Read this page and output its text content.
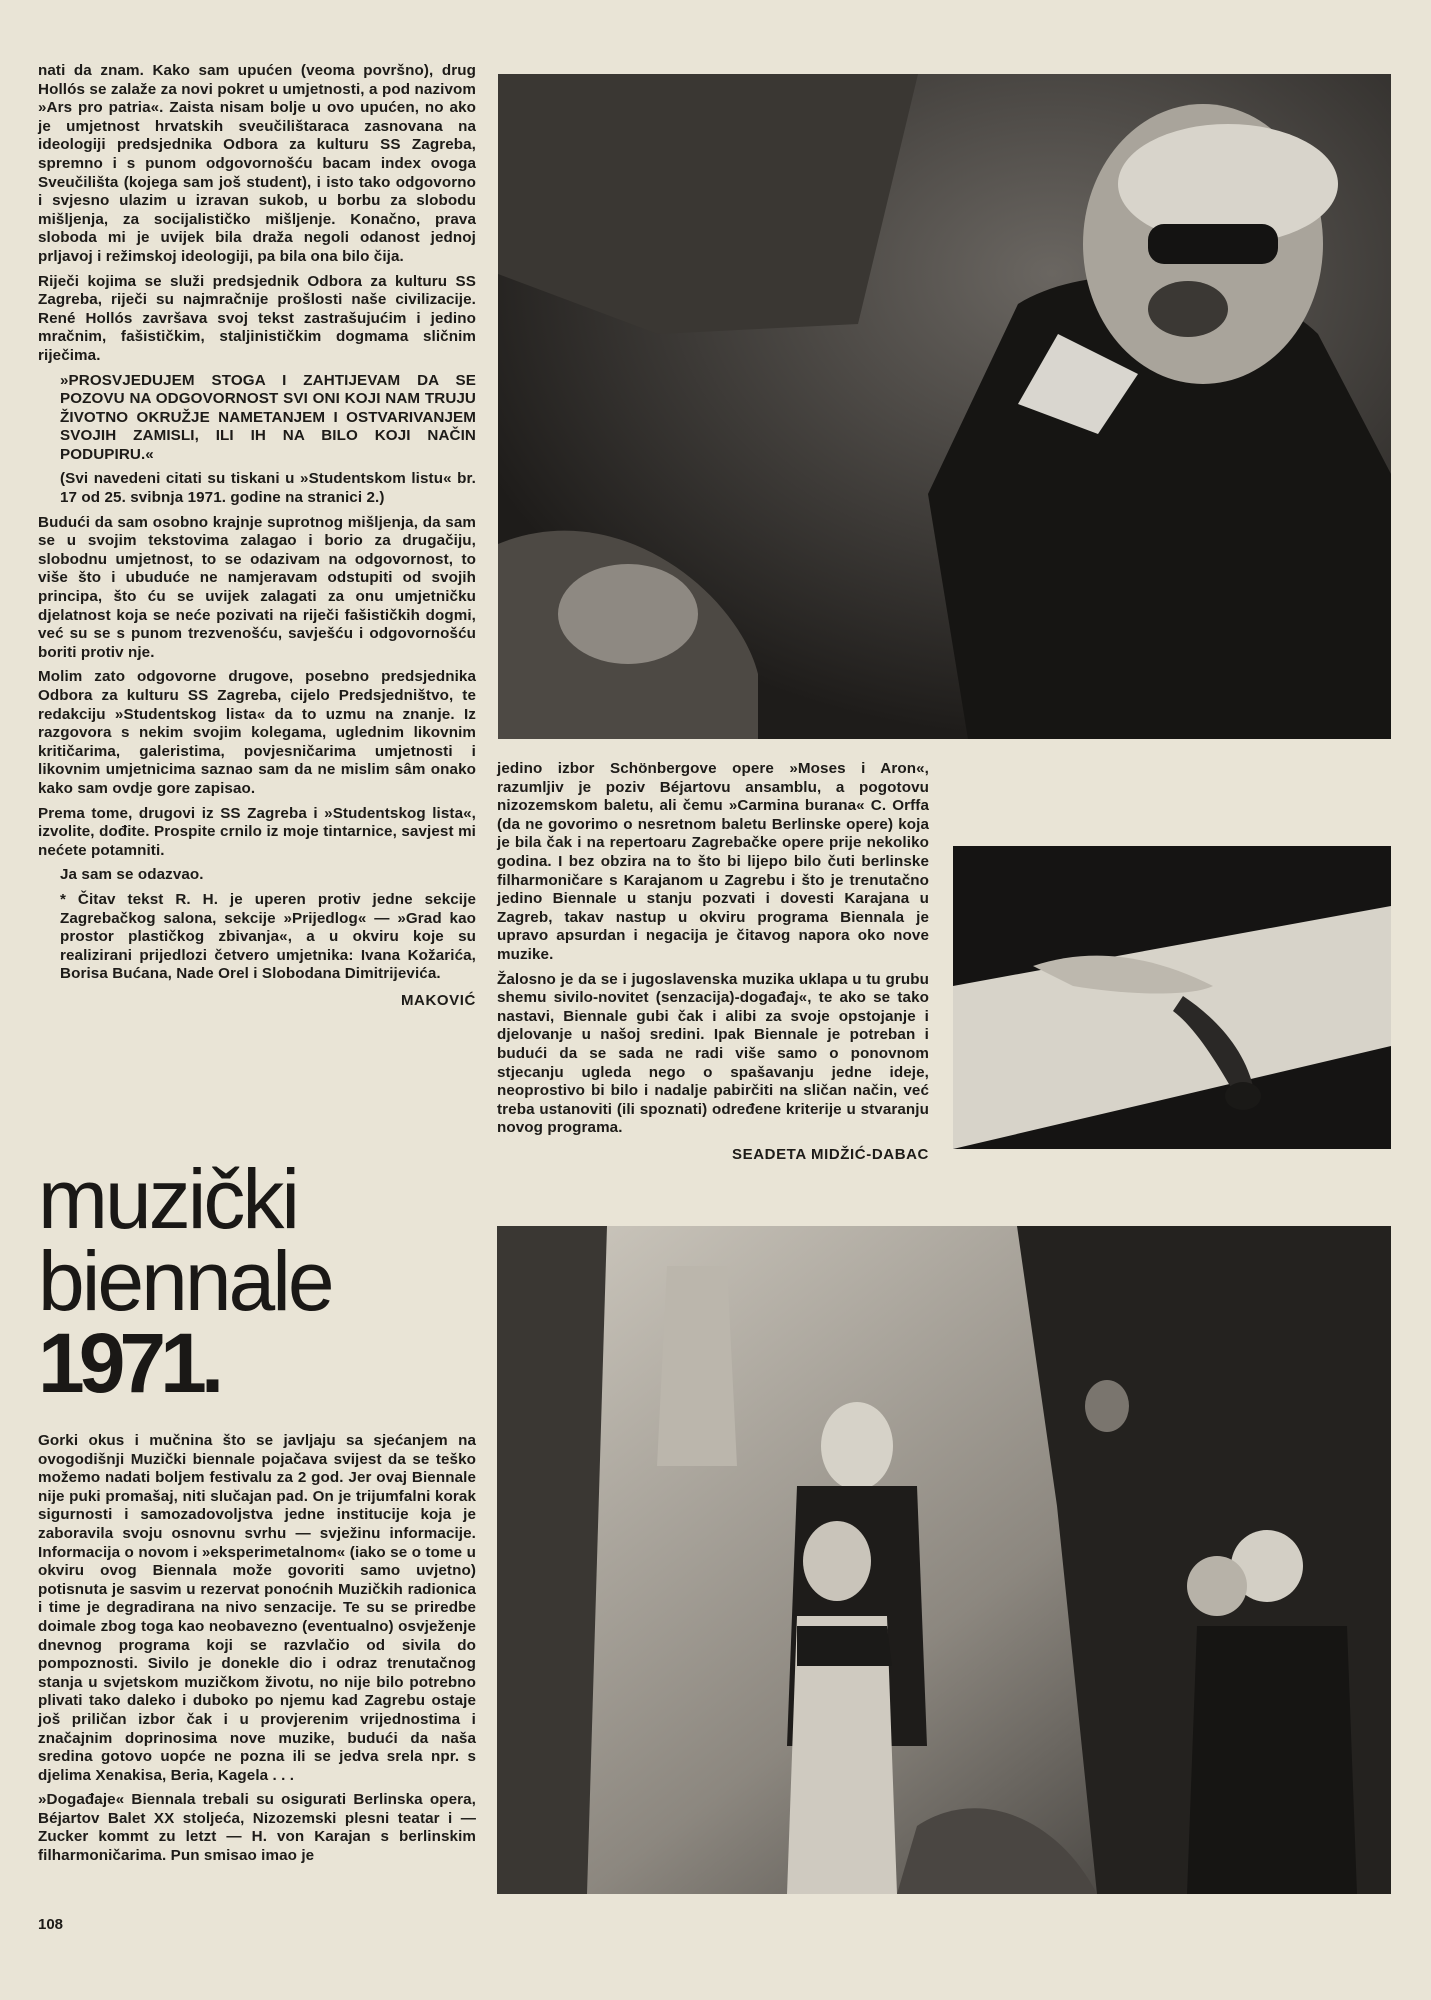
nati da znam. Kako sam upućen (veoma površno), drug Hollós se zalaže za novi pokret u umjetnosti, a pod nazivom »Ars pro patria«. Zaista nisam bolje u ovo upućen, no ako je umjetnost hrvatskih sveučilištaraca zasnovana na ideologiji predsjednika Odbora za kulturu SS Zagreba, spremno i s punom odgovornošću bacam index ovoga Sveučilišta (kojega sam još student), i isto tako odgovorno i svjesno ulazim u izravan sukob, u borbu za slobodu mišljenja, za socijalističko mišljenje. Konačno, prava sloboda mi je uvijek bila draža negoli odanost jednoj prljavoj i režimskoj ideologiji, pa bila ona bilo čija.

Riječi kojima se služi predsjednik Odbora za kulturu SS Zagreba, riječi su najmračnije prošlosti naše civilizacije. René Hollós završava svoj tekst zastrašujućim i jedino mračnim, fašističkim, staljinističkim dogmama sličnim riječima.

»PROSVJEDUJEM STOGA I ZAHTIJEVAM DA SE POZOVU NA ODGOVORNOST SVI ONI KOJI NAM TRUJU ŽIVOTNO OKRUŽJE NAMETANJEM I OSTVARIVANJEM SVOJIH ZAMISLI, ILI IH NA BILO KOJI NAČIN PODUPIRU.«

(Svi navedeni citati su tiskani u »Studentskom listu« br. 17 od 25. svibnja 1971. godine na stranici 2.)

Budući da sam osobno krajnje suprotnog mišljenja, da sam se u svojim tekstovima zalagao i borio za drugačiju, slobodnu umjetnost, to se odazivam na odgovornost, to više što i ubuduće ne namjeravam odstupiti od svojih principa, što ću se uvijek zalagati za onu umjetničku djelatnost koja se neće pozivati na riječi fašističkih dogmi, već su se s punom trezvenošću, savješću i odgovornošću boriti protiv nje.

Molim zato odgovorne drugove, posebno predsjednika Odbora za kulturu SS Zagreba, cijelo Predsjedništvo, te redakciju »Studentskog lista« da to uzmu na znanje. Iz razgovora s nekim svojim kolegama, uglednim likovnim kritičarima, galeristima, povjesničarima umjetnosti i likovnim umjetnicima saznao sam da ne mislim sâm onako kako sam ovdje gore zapisao.

Prema tome, drugovi iz SS Zagreba i »Studentskog lista«, izvolite, dođite. Prospite crnilo iz moje tintarnice, savjest mi nećete potamniti.

Ja sam se odazvao.

* Čitav tekst R. H. je uperen protiv jedne sekcije Zagrebačkog salona, sekcije »Prijedlog« — »Grad kao prostor plastičkog zbivanja«, a u okviru koje su realizirani prijedlozi četvero umjetnika: Ivana Kožarića, Borisa Bućana, Nade Orel i Slobodana Dimitrijevića.

MAKOVIĆ
muzički
biennale
1971.

Gorki okus i mučnina što se javljaju sa sjećanjem na ovogodišnji Muzički biennale pojačava svijest da se teško možemo nadati boljem festivalu za 2 god. Jer ovaj Biennale nije puki promašaj, niti slučajan pad. On je trijumfalni korak sigurnosti i samozadovoljstva jedne institucije koja je zaboravila svoju osnovnu svrhu — svježinu informacije. Informacija o novom i »eksperimetalnom« (iako se o tome u okviru ovog Biennala može govoriti samo uvjetno) potisnuta je sasvim u rezervat ponoćnih Muzičkih radionica i time je degradirana na nivo senzacije. Te su se priredbe doimale zbog toga kao neobavezno (eventualno) osvježenje dnevnog programa koji se razvlačio od sivila do pompoznosti. Sivilo je donekle dio i odraz trenutačnog stanja u svjetskom muzičkom životu, no nije bilo potrebno plivati tako daleko i duboko po njemu kad Zagrebu ostaje još priličan izbor čak i u provjerenim vrijednostima i značajnim doprinosima nove muzike, budući da naša sredina gotovo uopće ne pozna ili se jedva srela npr. s djelima Xenakisa, Beria, Kagela . . .

»Događaje« Biennala trebali su osigurati Berlinska opera, Béjartov Balet XX stoljeća, Nizozemski plesni teatar i — Zucker kommt zu letzt — H. von Karajan s berlinskim filharmoničarima. Pun smisao imao je

jedino izbor Schönbergove opere »Moses i Aron«, razumljiv je poziv Béjartovu ansamblu, a pogotovu nizozemskom baletu, ali čemu »Carmina burana« C. Orffa (da ne govorimo o nesretnom baletu Berlinske opere) koja je bila čak i na repertoaru Zagrebačke opere prije nekoliko godina. I bez obzira na to što bi lijepo bilo čuti berlinske filharmoničare s Karajanom u Zagrebu i što je trenutačno jedino Biennale u stanju pozvati i dovesti Karajana u Zagreb, takav nastup u okviru programa Biennala je upravo apsurdan i negacija je čitavog napora oko nove muzike.

Žalosno je da se i jugoslavenska muzika uklapa u tu grubu shemu sivilo-novitet (senzacija)-događaj«, te ako se tako nastavi, Biennale gubi čak i alibi za svoje opstojanje i djelovanje u našoj sredini. Ipak Biennale je potreban i budući da se sada ne radi više samo o ponovnom stjecanju ugleda nego o spašavanju jedne ideje, neoprostivo bi bilo i nadalje pabirčiti na sličan način, već treba ustanoviti (ili spoznati) određene kriterije u stvaranju novog programa.

SEADETA MIDŽIĆ-DABAC
108
